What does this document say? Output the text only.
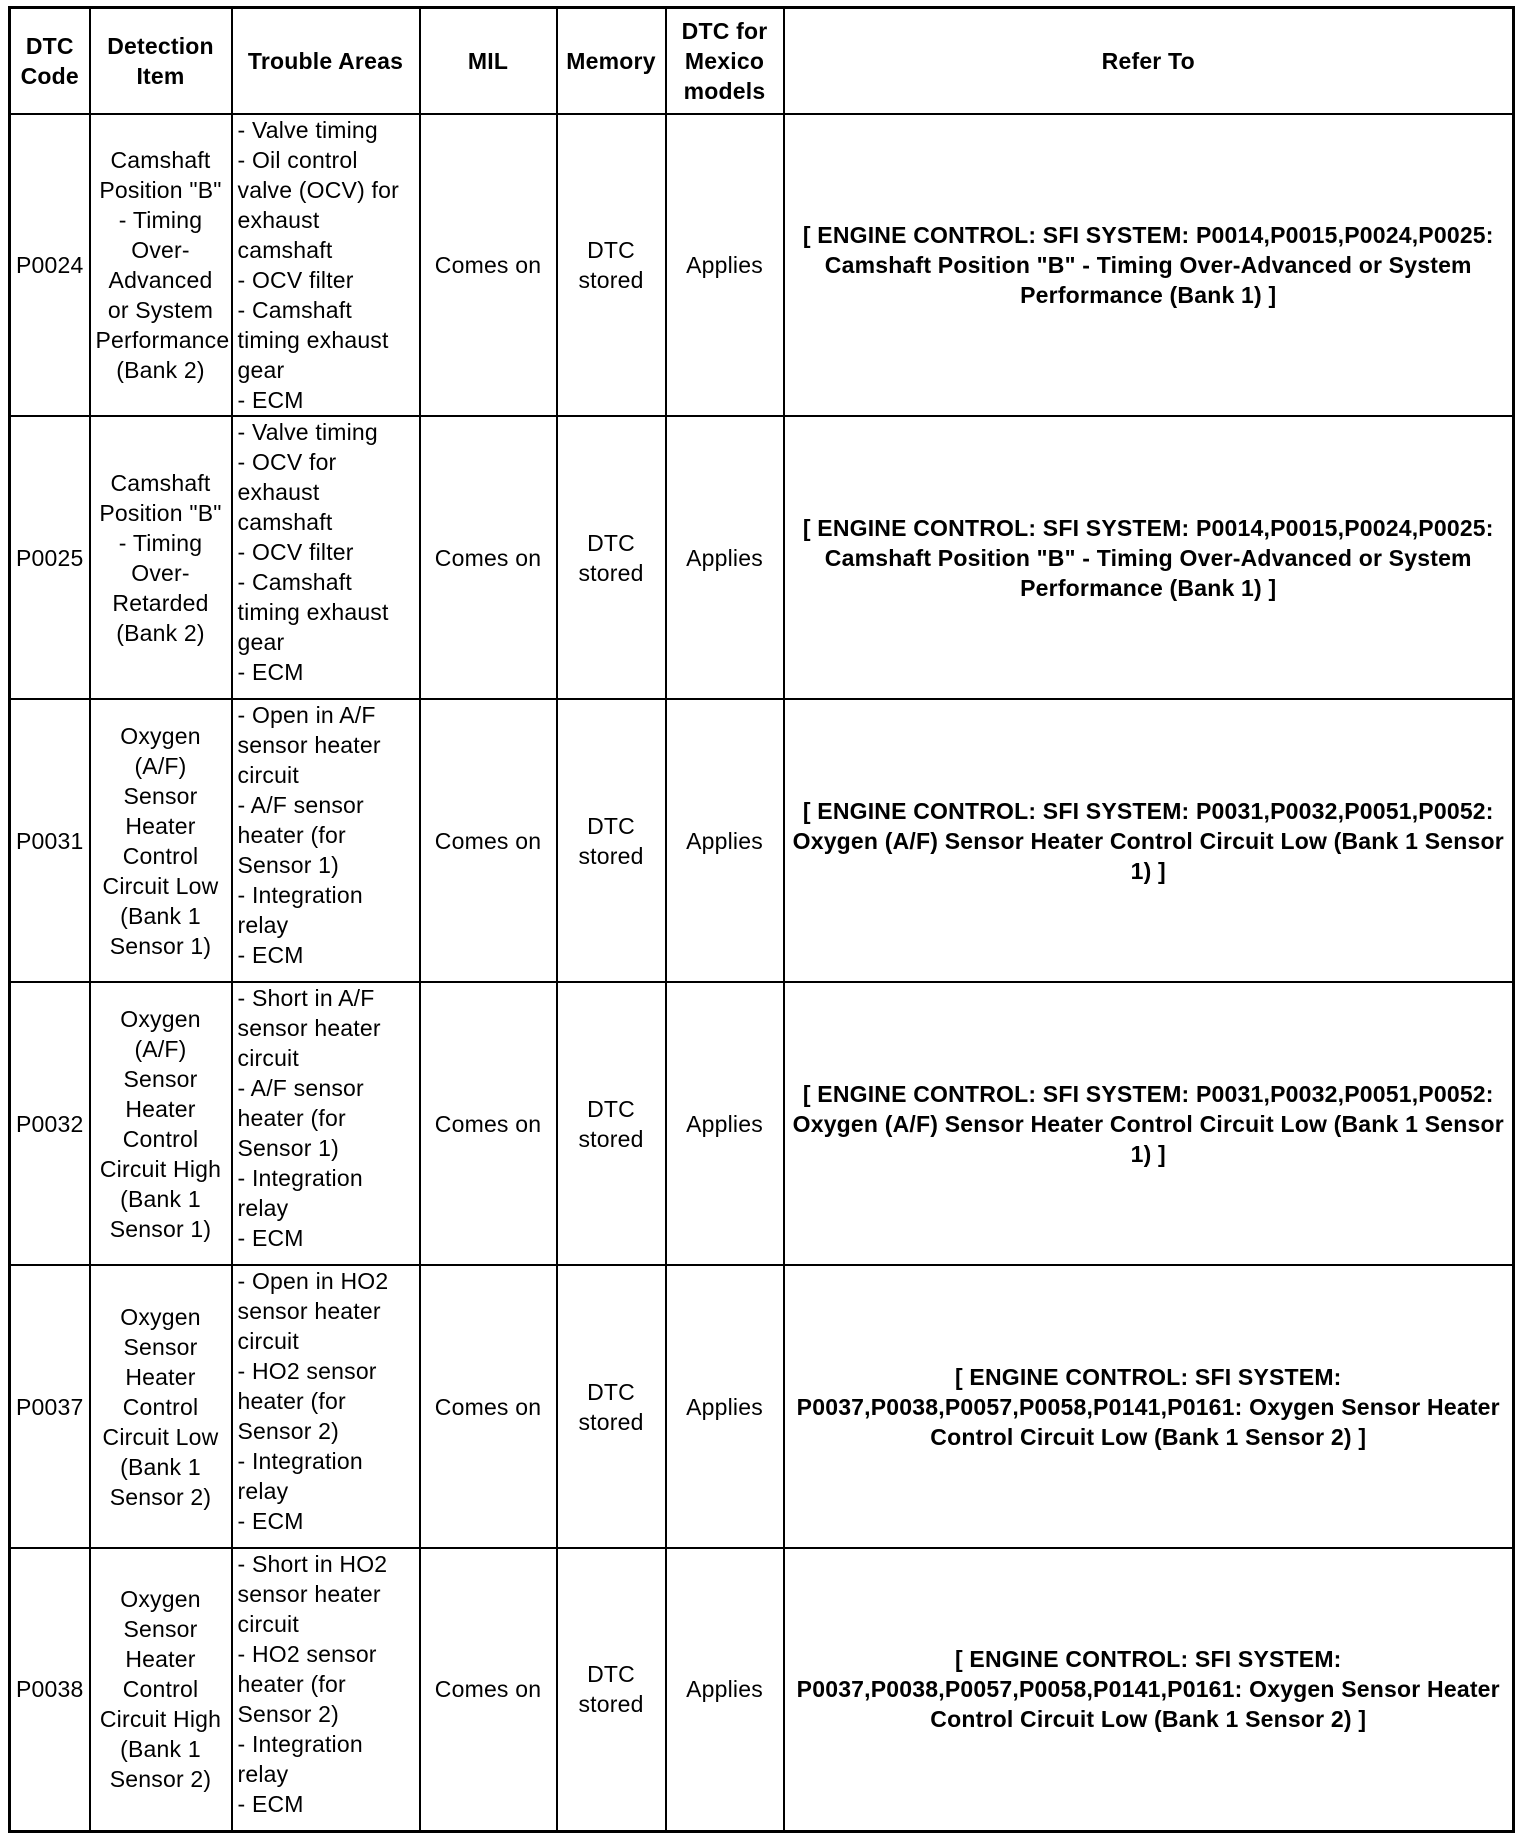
DTC Code	Detection Item	Trouble Areas	MIL	Memory	DTC for Mexico models	Refer To
P0024	Camshaft Position "B" - Timing Over-Advanced or System Performance (Bank 2)	- Valve timing
- Oil control valve (OCV) for exhaust camshaft
- OCV filter
- Camshaft timing exhaust gear
- ECM	Comes on	DTC stored	Applies	[ ENGINE CONTROL: SFI SYSTEM: P0014,P0015,P0024,P0025: Camshaft Position "B" - Timing Over-Advanced or System Performance (Bank 1) ]
P0025	Camshaft Position "B" - Timing Over-Retarded (Bank 2)	- Valve timing
- OCV for exhaust camshaft
- OCV filter
- Camshaft timing exhaust gear
- ECM	Comes on	DTC stored	Applies	[ ENGINE CONTROL: SFI SYSTEM: P0014,P0015,P0024,P0025: Camshaft Position "B" - Timing Over-Advanced or System Performance (Bank 1) ]
P0031	Oxygen (A/F) Sensor Heater Control Circuit Low (Bank 1 Sensor 1)	- Open in A/F sensor heater circuit
- A/F sensor heater (for Sensor 1)
- Integration relay
- ECM	Comes on	DTC stored	Applies	[ ENGINE CONTROL: SFI SYSTEM: P0031,P0032,P0051,P0052: Oxygen (A/F) Sensor Heater Control Circuit Low (Bank 1 Sensor 1) ]
P0032	Oxygen (A/F) Sensor Heater Control Circuit High (Bank 1 Sensor 1)	- Short in A/F sensor heater circuit
- A/F sensor heater (for Sensor 1)
- Integration relay
- ECM	Comes on	DTC stored	Applies	[ ENGINE CONTROL: SFI SYSTEM: P0031,P0032,P0051,P0052: Oxygen (A/F) Sensor Heater Control Circuit Low (Bank 1 Sensor 1) ]
P0037	Oxygen Sensor Heater Control Circuit Low (Bank 1 Sensor 2)	- Open in HO2 sensor heater circuit
- HO2 sensor heater (for Sensor 2)
- Integration relay
- ECM	Comes on	DTC stored	Applies	[ ENGINE CONTROL: SFI SYSTEM: P0037,P0038,P0057,P0058,P0141,P0161: Oxygen Sensor Heater Control Circuit Low (Bank 1 Sensor 2) ]
P0038	Oxygen Sensor Heater Control Circuit High (Bank 1 Sensor 2)	- Short in HO2 sensor heater circuit
- HO2 sensor heater (for Sensor 2)
- Integration relay
- ECM	Comes on	DTC stored	Applies	[ ENGINE CONTROL: SFI SYSTEM: P0037,P0038,P0057,P0058,P0141,P0161: Oxygen Sensor Heater Control Circuit Low (Bank 1 Sensor 2) ]
